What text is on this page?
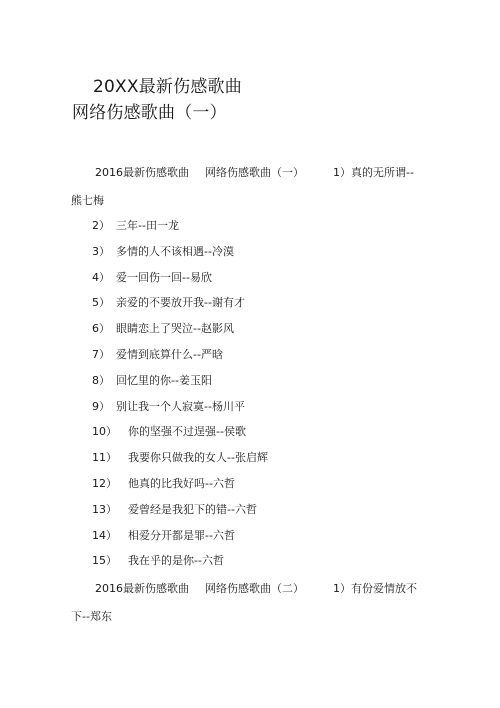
20XX最新伤感歌曲
网络伤感歌曲（一）
2016最新伤感歌曲 网络伤感歌曲（一）	1）真的无所谓--
熊七梅
2） 三年--田一龙
3） 多情的人不该相遇--冷漠
4） 爱一回伤一回--易欣
5） 亲爱的不要放开我--谢有才
6） 眼睛恋上了哭泣--赵影风
7） 爱情到底算什么--严晗
8） 回忆里的你--姜玉阳
9） 别让我一个人寂寞--杨川平
10） 你的坚强不过逞强--侯歌
11） 我要你只做我的女人--张启辉
12） 他真的比我好吗--六哲
13） 爱曾经是我犯下的错--六哲
14） 相爱分开都是罪--六哲
15） 我在乎的是你--六哲
2016最新伤感歌曲 网络伤感歌曲（二）	1）有份爱情放不
下--郑东
